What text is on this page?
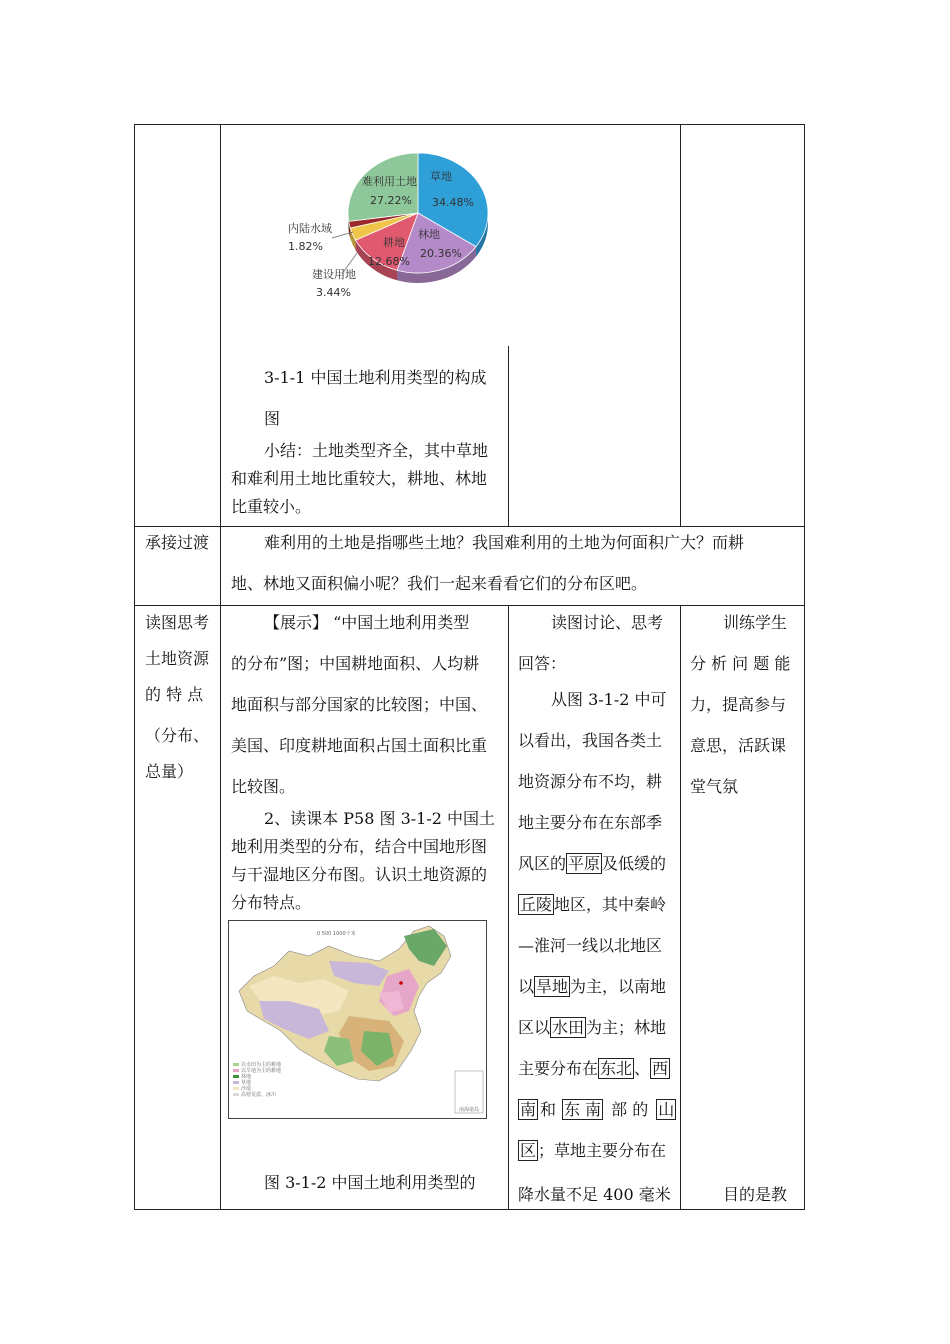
草地
34.48%
林地
20.36%
耕地
12.68%
建设用地
3.44%
内陆水域
1.82%
难利用土地
27.22%
3-1-1 中国土地利用类型的构成
图
小结：土地类型齐全，其中草地
和难利用土地比重较大，耕地、林地
比重较小。
承接过渡	难利用的土地是指哪些土地？我国难利用的土地为何面积广大？而耕
地、林地又面积偏小呢？我们一起来看看它们的分布区吧。
读图思考
土地资源
的 特 点
（分布、
总量）
【展示】 “中国土地利用类型
的分布”图；中国耕地面积、人均耕
地面积与部分国家的比较图；中国、
美国、印度耕地面积占国土面积比重
比较图。
2、读课本 P58 图 3-1-2 中国土
地利用类型的分布，结合中国地形图
与干湿地区分布图。认识土地资源的
分布特点。
0 500 1000千米
以水田为主的耕地
以旱地为主的耕地
林地
草地
沙漠
高寒荒漠、冰川
南海诸岛
图 3-1-2 中国土地利用类型的
读图讨论、思考
回答：
从图 3-1-2 中可
以看出，我国各类土
地资源分布不均，耕
地主要分布在东部季
风区的 平原 及低缓的
丘陵 地区，其中秦岭
—淮河一线以北地区
以 旱地 为主，以南地
区以 水田 为主；林地
主要分布在 东北 、 西
南 和 东 南 部 的 山
区 ；草地主要分布在
降水量不足 400 毫米
训练学生
分 析 问 题 能
力，提高参与
意思，活跃课
堂气氛
目的是教
